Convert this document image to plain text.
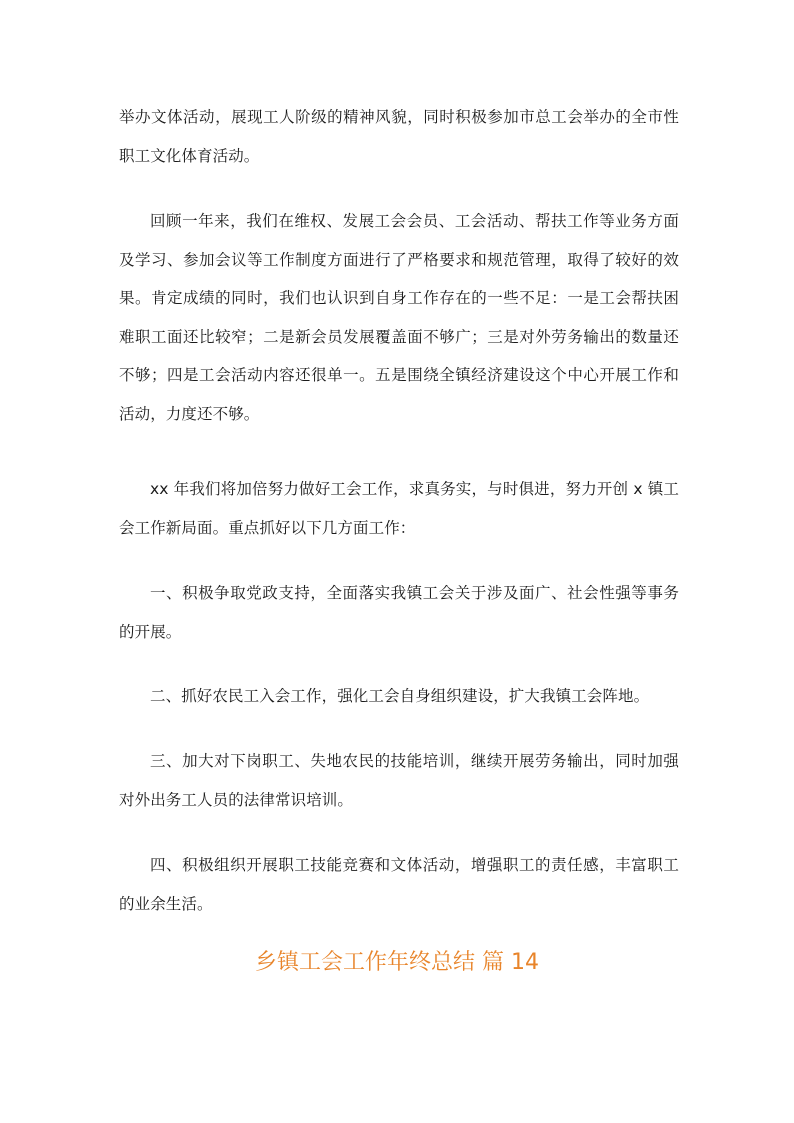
举办文体活动，展现工人阶级的精神风貌，同时积极参加市总工会举办的全市性职工文化体育活动。

回顾一年来，我们在维权、发展工会会员、工会活动、帮扶工作等业务方面及学习、参加会议等工作制度方面进行了严格要求和规范管理，取得了较好的效果。肯定成绩的同时，我们也认识到自身工作存在的一些不足：一是工会帮扶困难职工面还比较窄；二是新会员发展覆盖面不够广；三是对外劳务输出的数量还不够；四是工会活动内容还很单一。五是围绕全镇经济建设这个中心开展工作和活动，力度还不够。

xx 年我们将加倍努力做好工会工作，求真务实，与时俱进，努力开创 x 镇工会工作新局面。重点抓好以下几方面工作：

一、积极争取党政支持，全面落实我镇工会关于涉及面广、社会性强等事务的开展。

二、抓好农民工入会工作，强化工会自身组织建设，扩大我镇工会阵地。

三、加大对下岗职工、失地农民的技能培训，继续开展劳务输出，同时加强对外出务工人员的法律常识培训。

四、积极组织开展职工技能竞赛和文体活动，增强职工的责任感，丰富职工的业余生活。

乡镇工会工作年终总结 篇 14
